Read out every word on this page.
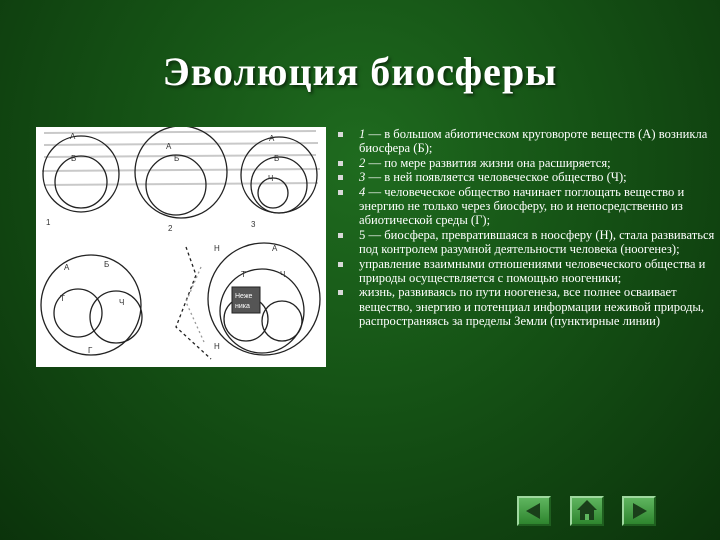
Эволюция биосферы
Неже
ника
А
Б
А
Б
А
Б
Ч
1
2	3
А	Б
Т	Ч
Г
Н	А
Т	Ч
Н
1 — в большом абиотическом круговороте веществ (А) возникла биосфера (Б);
2 — по мере развития жизни она расширяется;
3 — в ней появляется человеческое общество (Ч);
4 — человеческое общество начинает поглощать вещество и энергию не только через биосферу, но и непосредственно из абиотической среды (Г);
5 — биосфера, превратившаяся в ноосферу (Н), стала развиваться под контролем разумной деятельности человека (ноогенез);
управление взаимными отношениями человеческого общества и природы осуществляется с помощью ноогеники;
жизнь, развиваясь по пути ноогенеза, все полнее осваивает вещество, энергию и потенциал информации неживой природы, распространяясь за пределы Земли (пунктирные линии)
